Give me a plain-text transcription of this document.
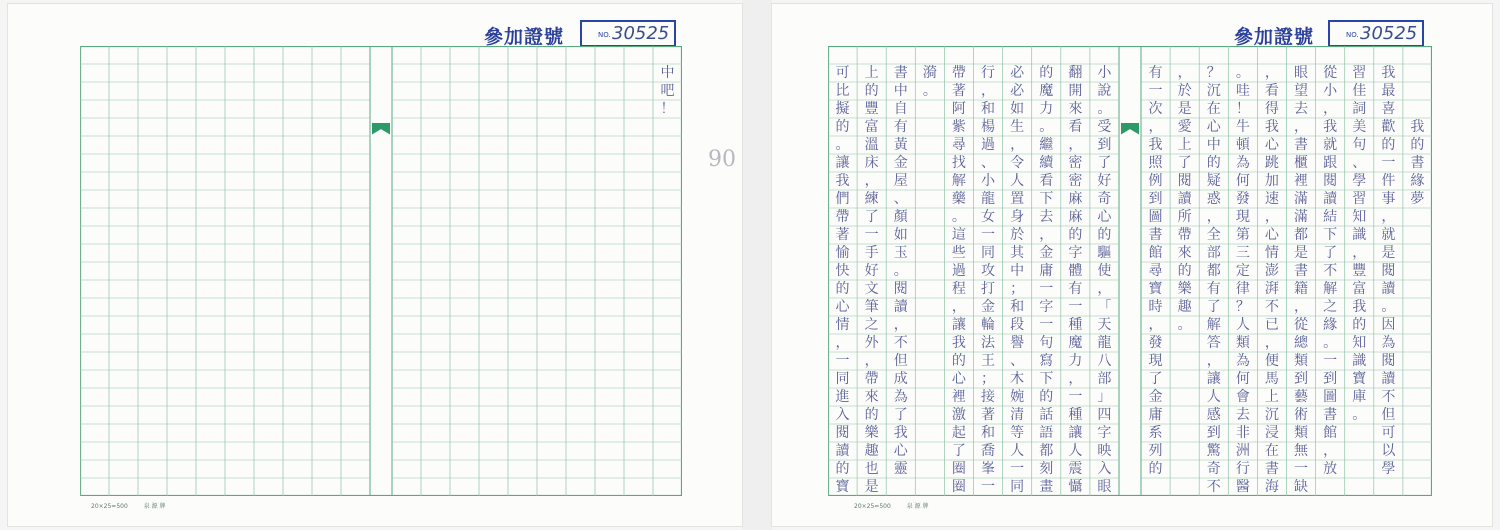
參加證號	NO. 30525
中
吧
！
20×25=500	泉 源 牌
90
參加證號	NO. 30525
我
的
書
緣
夢
我
最
喜
歡
的
一
件
事
，
就
是
閱
讀
。
因
為
閱
讀
不
但
可
以
學
習
佳
詞
美
句
、
學
習
知
識
，
豐
富
我
的
知
識
寶
庫
。
從
小
，
我
就
跟
閱
讀
結
下
了
不
解
之
緣
。
一
到
圖
書
館
，
放
眼
望
去
，
書
櫃
裡
滿
滿
都
是
書
籍
，
從
總
類
到
藝
術
類
無
一
缺
，
看
得
我
心
跳
加
速
，
心
情
澎
湃
不
已
，
便
馬
上
沉
浸
在
書
海
。
哇
！
牛
頓
為
何
發
現
第
三
定
律
？
人
類
為
何
會
去
非
洲
行
醫
？
沉
在
心
中
的
疑
惑
，
全
部
都
有
了
解
答
，
讓
人
感
到
驚
奇
不
，
於
是
愛
上
了
閱
讀
所
帶
來
的
樂
趣
。
有
一
次
，
我
照
例
到
圖
書
館
尋
寶
時
，
發
現
了
金
庸
系
列
的
小
說
。
受
到
了
好
奇
心
的
驅
使
，
「
天
龍
八
部
」
四
字
映
入
眼
翻
開
來
看
，
密
密
麻
麻
的
字
體
有
一
種
魔
力
，
一
種
讓
人
震
懾
的
魔
力
。
繼
續
看
下
去
，
金
庸
一
字
一
句
寫
下
的
話
語
都
刻
畫
必
必
如
生
，
令
人
置
身
於
其
中
；
和
段
譽
、
木
婉
清
等
人
一
同
行
，
和
楊
過
、
小
龍
女
一
同
攻
打
金
輪
法
王
；
接
著
和
喬
峯
一
帶
著
阿
紫
尋
找
解
藥
。
這
些
過
程
，
讓
我
的
心
裡
激
起
了
圈
圈
漪
。
書
中
自
有
黃
金
屋
、
顏
如
玉
。
閱
讀
，
不
但
成
為
了
我
心
靈
上
的
豐
富
溫
床
，
練
了
一
手
好
文
筆
之
外
，
帶
來
的
樂
趣
也
是
可
比
擬
的
。
讓
我
們
帶
著
愉
快
的
心
情
，
一
同
進
入
閱
讀
的
寶
20×25=500	泉 源 牌
